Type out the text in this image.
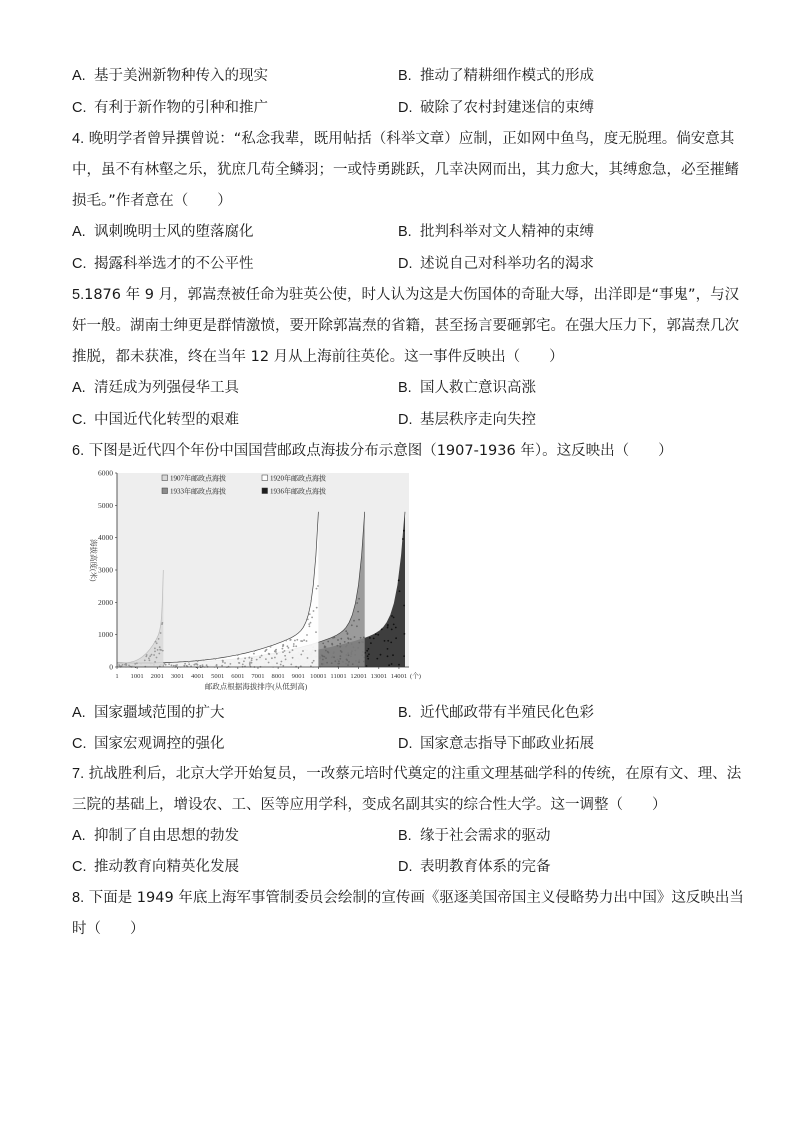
A. 基于美洲新物种传入的现实	B. 推动了精耕细作模式的形成
C. 有利于新作物的引种和推广	D. 破除了农村封建迷信的束缚
4. 晚明学者曾异撰曾说：“私念我辈，既用帖括（科举文章）应制，正如网中鱼鸟，度无脱理。倘安意其
中，虽不有林壑之乐，犹庶几苟全鳞羽；一或恃勇跳跃，几幸决网而出，其力愈大，其缚愈急，必至摧鳍
损毛。”作者意在（　　）
A. 讽刺晚明士风的堕落腐化	B. 批判科举对文人精神的束缚
C. 揭露科举选才的不公平性	D. 述说自己对科举功名的渴求
5.1876 年 9 月，郭嵩焘被任命为驻英公使，时人认为这是大伤国体的奇耻大辱，出洋即是“事鬼”，与汉
奸一般。湖南士绅更是群情激愤，要开除郭嵩焘的省籍，甚至扬言要砸郭宅。在强大压力下，郭嵩焘几次
推脱，都未获准，终在当年 12 月从上海前往英伦。这一事件反映出（　　）
A. 清廷成为列强侵华工具	B. 国人救亡意识高涨
C. 中国近代化转型的艰难	D. 基层秩序走向失控
6. 下图是近代四个年份中国国营邮政点海拔分布示意图（1907-1936 年）。这反映出（　　）
6000
5000
4000
3000
2000
1000
0
1 1001 2001 3001 4001 5001 6001 7001 8001 9001 10001 11001 12001 13001 14001
1907年邮政点海拔	1920年邮政点海拔
1933年邮政点海拔	1936年邮政点海拔
海拔高度(米)
邮政点根据海拔排序(从低到高)
(个)
A. 国家疆域范围的扩大	B. 近代邮政带有半殖民化色彩
C. 国家宏观调控的强化	D. 国家意志指导下邮政业拓展
7. 抗战胜利后，北京大学开始复员，一改蔡元培时代奠定的注重文理基础学科的传统，在原有文、理、法
三院的基础上，增设农、工、医等应用学科，变成名副其实的综合性大学。这一调整（　　）
A. 抑制了自由思想的勃发	B. 缘于社会需求的驱动
C. 推动教育向精英化发展	D. 表明教育体系的完备
8. 下面是 1949 年底上海军事管制委员会绘制的宣传画《驱逐美国帝国主义侵略势力出中国》这反映出当
时（　　）
